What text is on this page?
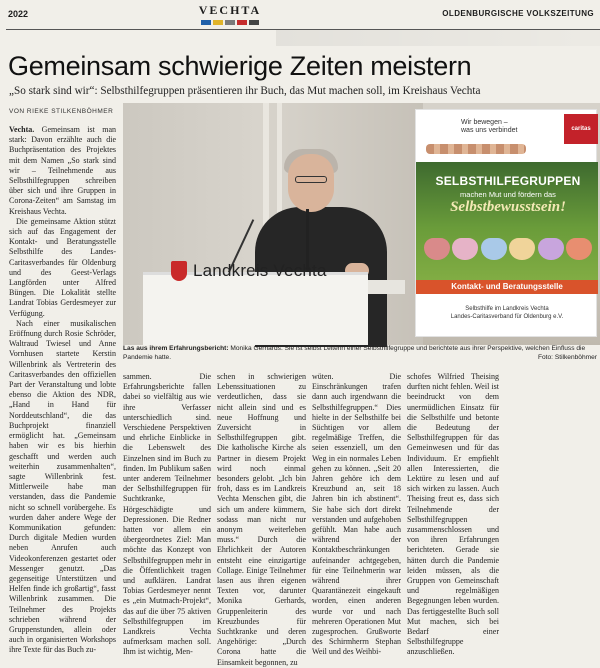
2022	VECHTA	OLDENBURGISCHE VOLKSZEITUNG
Gemeinsam schwierige Zeiten meistern
„So stark sind wir“: Selbsthilfegruppen präsentieren ihr Buch, das Mut machen soll, im Kreishaus Vechta
VON RIEKE STILKENBÖHMER

Vechta. Gemeinsam ist man stark: Davon erzählte auch die Buchpräsentation des Projektes mit dem Namen „So stark sind wir – Teilnehmende aus Selbsthilfegruppen schreiben über sich und ihre Gruppen in Corona-Zeiten“ am Samstag im Kreishaus Vechta.

Die gemeinsame Aktion stützt sich auf das Engagement der Kontakt- und Beratungsstelle Selbsthilfe des Landes-Caritasverbandes für Oldenburg und des Geest-Verlags Langförden unter Alfred Büngen. Die Lokalität stellte Landrat Tobias Gerdesmeyer zur Verfügung.

Nach einer musikalischen Eröffnung durch Rosie Schröder, Waltraud Twiesel und Anne Vornhusen startete Kerstin Willenbrink als Vertreterin des Caritasverbandes den offiziellen Part der Veranstaltung und lobte ebenso die Aktion des NDR, „Hand in Hand für Norddeutschland“, die das Buchprojekt finanziell ermöglicht hat. „Gemeinsam haben wir es bis hierhin geschafft und werden auch weiterhin zusammenhalten“, sagte Willenbrink fest. Mittlerweile habe man verstanden, dass die Pandemie nicht so schnell vorübergehe. Es wurden daher andere Wege der Kommunikation gefunden: Durch digitale Medien wurden neben Anrufen auch Videokonferenzen gestartet oder Messenger genutzt. „Das gegenseitige Unterstützen und Helfen finde ich großartig“, fasst Willenbrink zusammen. Die Teilnehmer des Projekts schrieben während der Gruppenstunden, allein oder auch in organisierten Workshops ihre Texte für das Buch zu-

Landkreis Vechta
caritas
Wir bewegen –
was uns verbindet
SELBSTHILFEGRUPPEN
machen Mut und fördern das
Selbstbewusstsein!
Kontakt- und Beratungsstelle
Selbsthilfe im Landkreis Vechta
Landes-Caritasverband für Oldenburg e.V.
Las aus ihrem Erfahrungsbericht: Monika Gerhards. Sie ist selbst Leiterin einer Selbsthilfegruppe und berichtete aus ihrer Perspektive, welchen Einfluss die Pandemie hatte.	Foto: Stilkenböhmer

sammen. Die Erfahrungsberichte fallen dabei so vielfältig aus wie ihre Verfasser unterschiedlich sind. Verschiedene Perspektiven und ehrliche Einblicke in die Lebenswelt des Einzelnen sind im Buch zu finden. Im Publikum saßen unter anderem Teilnehmer der Selbsthilfegruppen für Suchtkranke, Hörgeschädigte und Depressionen. Die Redner hatten vor allem ein übergeordnetes Ziel: Man möchte das Konzept von Selbsthilfegruppen mehr in die Öffentlichkeit tragen und aufklären. Landrat Tobias Gerdesmeyer nennt es „ein Mutmach-Projekt“, das auf die über 75 aktiven Selbsthilfegruppen im Landkreis Vechta aufmerksam machen soll. Ihm ist wichtig, Men-

schen in schwierigen Lebenssituationen zu verdeutlichen, dass sie nicht allein sind und es neue Hoffnung und Zuversicht in Selbsthilfegruppen gibt. Die katholische Kirche als Partner in diesem Projekt wird noch einmal besonders gelobt. „Ich bin froh, dass es im Landkreis Vechta Menschen gibt, die sich um andere kümmern, sodass man nicht nur anonym weiterleben muss.“ Durch die Ehrlichkeit der Autoren entsteht eine einzigartige Collage. Einige Teilnehmer lasen aus ihren eigenen Texten vor, darunter Monika Gerhards, Gruppenleiterin des Kreuzbundes für Suchtkranke und deren Angehörige: „Durch Corona hatte die Einsamkeit begonnen, zu

wüten. Die Einschränkungen trafen dann auch irgendwann die Selbsthilfegruppen.“ Dies hielte in der Selbsthilfe bei Süchtigen vor allem regelmäßige Treffen, die seien essenziell, um den Weg in ein normales Leben gehen zu können. „Seit 20 Jahren gehöre ich dem Kreuzbund an, seit 18 Jahren bin ich abstinent“. Sie habe sich dort direkt verstanden und aufgehoben gefühlt. Man habe auch während der Kontaktbeschränkungen aufeinander achtgegeben, für eine Teilnehmerin war während ihrer Quarantänezeit eingekauft worden, einen anderen wurde vor und nach mehreren Operationen Mut zugesprochen. Grußworte des Schirmherrn Stephan Weil und des Weihbi-

schofes Wilfried Theising durften nicht fehlen. Weil ist beeindruckt von dem unermüdlichen Einsatz für die Selbsthilfe und betonte die Bedeutung der Selbsthilfegruppen für das Gemeinwesen und für das Individuum. Er empfiehlt allen Interessierten, die Lektüre zu lesen und auf sich wirken zu lassen. Auch Theising freut es, dass sich Teilnehmende der Selbsthilfegruppen zusammenschlossen und von ihren Erfahrungen berichteten. Gerade sie hätten durch die Pandemie leiden müssen, als die Gruppen von Gemeinschaft und regelmäßigen Begegnungen leben wurden. Das fertiggestellte Buch soll Mut machen, sich bei Bedarf einer Selbsthilfegruppe anzuschließen.
